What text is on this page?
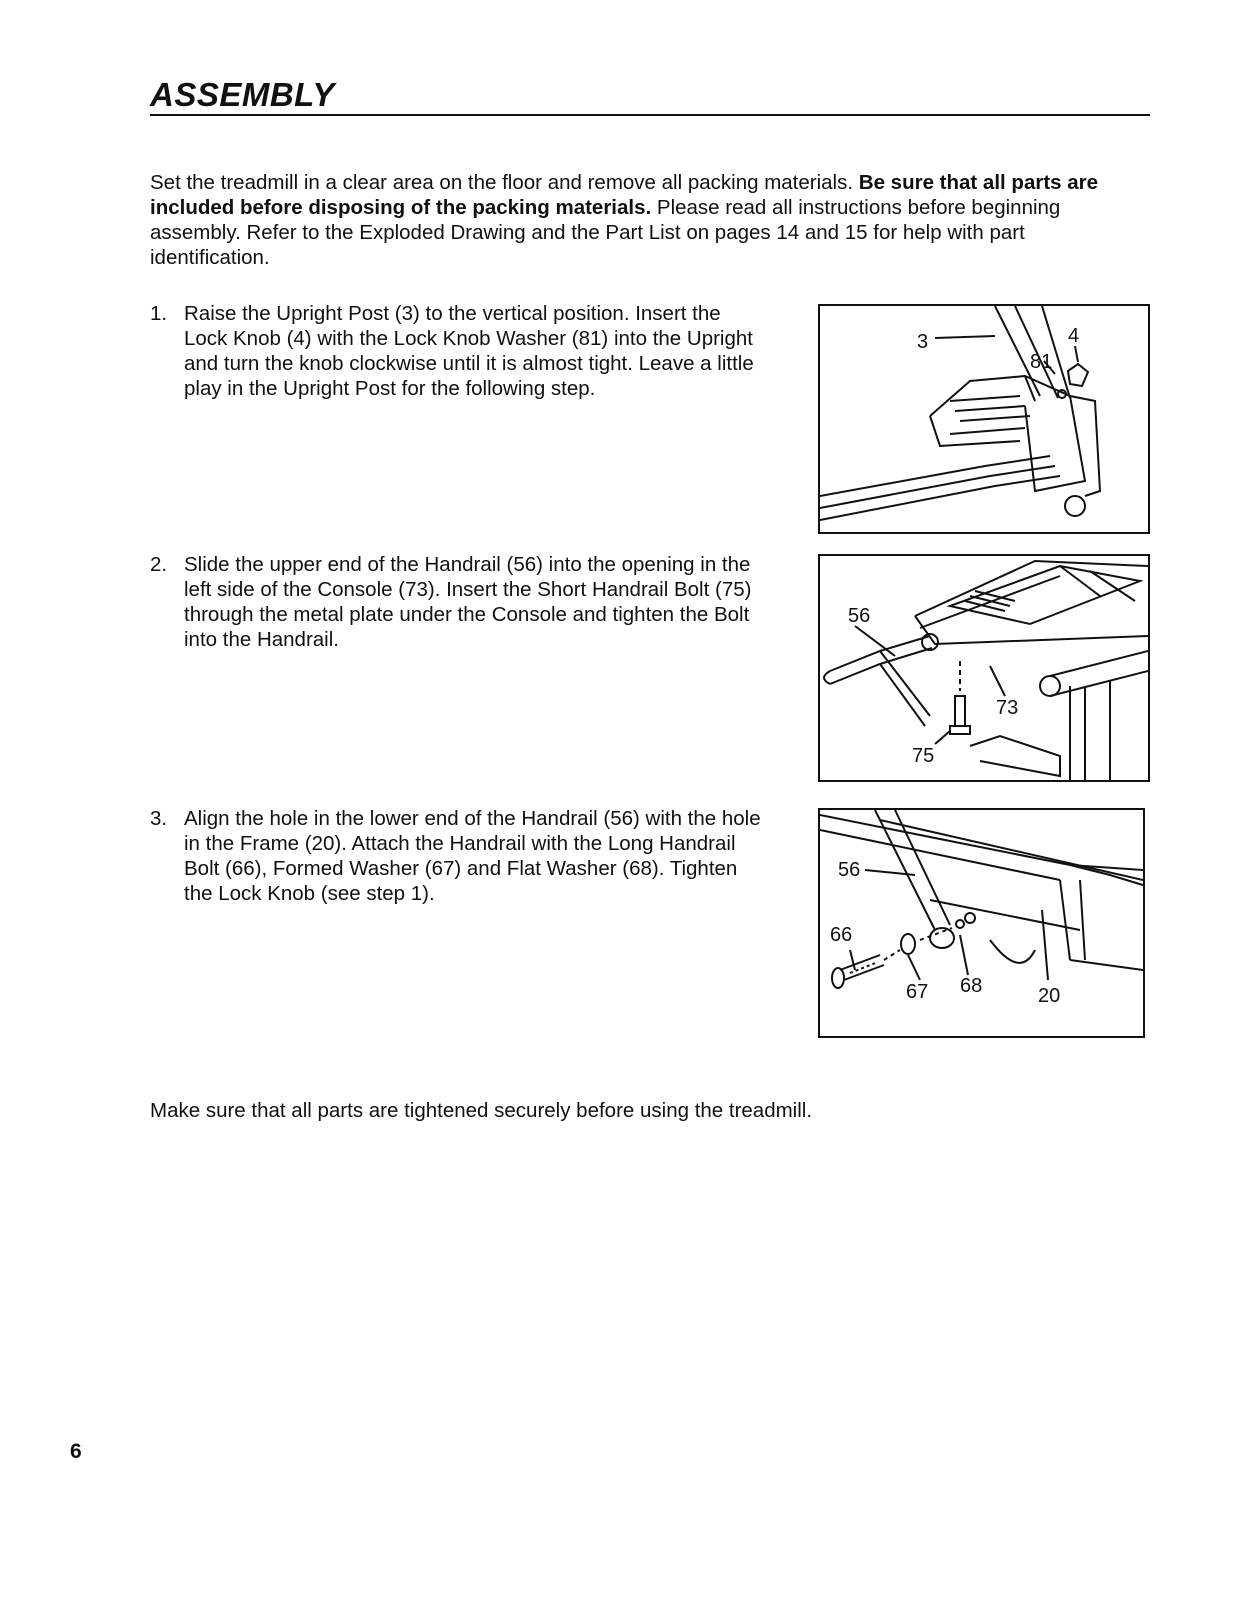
ASSEMBLY

Set the treadmill in a clear area on the floor and remove all packing materials. Be sure that all parts are included before disposing of the packing materials. Please read all instructions before beginning assembly. Refer to the Exploded Drawing and the Part List on pages 14 and 15 for help with part identification.

1. Raise the Upright Post (3) to the vertical position. Insert the Lock Knob (4) with the Lock Knob Washer (81) into the Upright and turn the knob clockwise until it is almost tight. Leave a little play in the Upright Post for the following step.
3	4
81
2. Slide the upper end of the Handrail (56) into the opening in the left side of the Console (73). Insert the Short Handrail Bolt (75) through the metal plate under the Console and tighten the Bolt into the Handrail.
56
73
75
3. Align the hole in the lower end of the Handrail (56) with the hole in the Frame (20). Attach the Handrail with the Long Handrail Bolt (66), Formed Washer (67) and Flat Washer (68). Tighten the Lock Knob (see step 1).
56
66
67 68	20

Make sure that all parts are tightened securely before using the treadmill.

6
